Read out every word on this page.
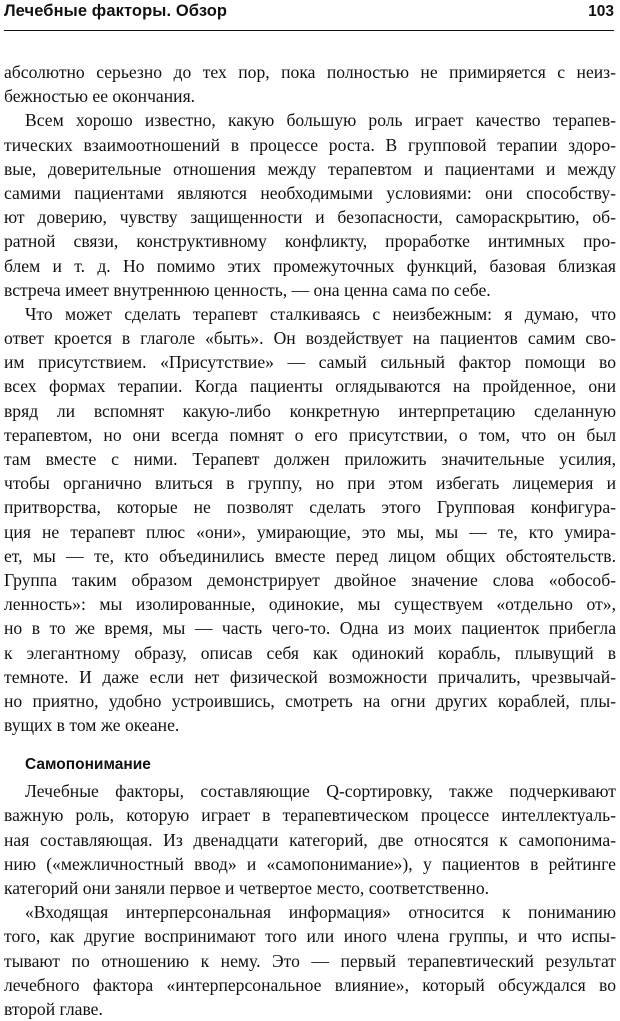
Лечебные факторы. Обзор	103
абсолютно серьезно до тех пор, пока полностью не примиряется с неиз-
бежностью ее окончания.
Всем хорошо известно, какую большую роль играет качество терапев-
тических взаимоотношений в процессе роста. В групповой терапии здоро-
вые, доверительные отношения между терапевтом и пациентами и между
самими пациентами являются необходимыми условиями: они способству-
ют доверию, чувству защищенности и безопасности, самораскрытию, об-
ратной связи, конструктивному конфликту, проработке интимных про-
блем и т. д. Но помимо этих промежуточных функций, базовая близкая
встреча имеет внутреннюю ценность, — она ценна сама по себе.
Что может сделать терапевт сталкиваясь с неизбежным: я думаю, что
ответ кроется в глаголе «быть». Он воздействует на пациентов самим сво-
им присутствием. «Присутствие» — самый сильный фактор помощи во
всех формах терапии. Когда пациенты оглядываются на пройденное, они
вряд ли вспомнят какую-либо конкретную интерпретацию сделанную
терапевтом, но они всегда помнят о его присутствии, о том, что он был
там вместе с ними. Терапевт должен приложить значительные усилия,
чтобы органично влиться в группу, но при этом избегать лицемерия и
притворства, которые не позволят сделать этого Групповая конфигура-
ция не терапевт плюс «они», умирающие, это мы, мы — те, кто умира-
ет, мы — те, кто объединились вместе перед лицом общих обстоятельств.
Группа таким образом демонстрирует двойное значение слова «обособ-
ленность»: мы изолированные, одинокие, мы существуем «отдельно от»,
но в то же время, мы — часть чего-то. Одна из моих пациенток прибегла
к элегантному образу, описав себя как одинокий корабль, плывущий в
темноте. И даже если нет физической возможности причалить, чрезвычай-
но приятно, удобно устроившись, смотреть на огни других кораблей, плы-
вущих в том же океане.
Самопонимание
Лечебные факторы, составляющие Q-сортировку, также подчеркивают
важную роль, которую играет в терапевтическом процессе интеллектуаль-
ная составляющая. Из двенадцати категорий, две относятся к самопонима-
нию («межличностный ввод» и «самопонимание»), у пациентов в рейтинге
категорий они заняли первое и четвертое место, соответственно.
«Входящая интерперсональная информация» относится к пониманию
того, как другие воспринимают того или иного члена группы, и что испы-
тывают по отношению к нему. Это — первый терапевтический результат
лечебного фактора «интерперсональное влияние», который обсуждался во
второй главе.
